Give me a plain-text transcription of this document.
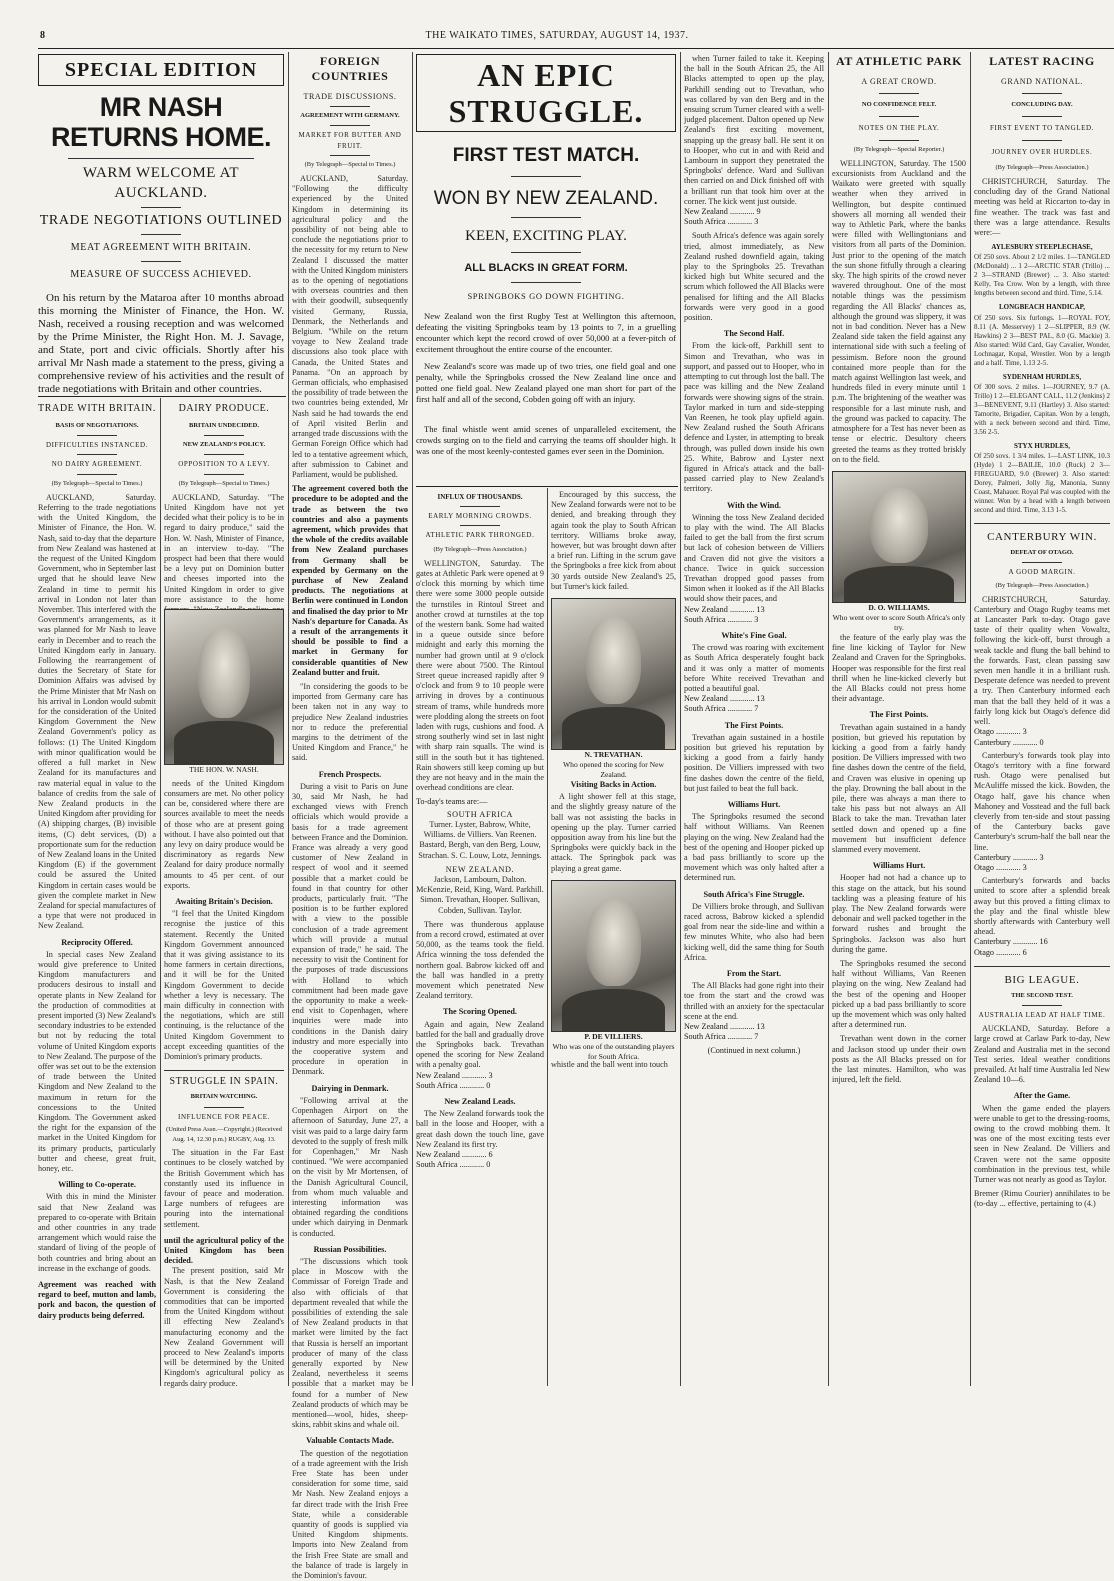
8	THE WAIKATO TIMES, SATURDAY, AUGUST 14, 1937.
SPECIAL EDITION
MR NASH RETURNS HOME.
WARM WELCOME AT AUCKLAND.
TRADE NEGOTIATIONS OUTLINED
MEAT AGREEMENT WITH BRITAIN.
MEASURE OF SUCCESS ACHIEVED.
On his return by the Mataroa after 10 months abroad this morning the Minister of Finance, the Hon. W. Nash, received a rousing reception and was welcomed by the Prime Minister, the Right Hon. M. J. Savage, and State, port and civic officials. Shortly after his arrival Mr Nash made a statement to the press, giving a comprehensive review of his activities and the result of trade negotiations with Britain and other countries.
TRADE WITH BRITAIN.
BASIS OF NEGOTIATIONS.
DIFFICULTIES INSTANCED.
NO DAIRY AGREEMENT.
(By Telegraph—Special to Times.)
AUCKLAND, Saturday. Referring to the trade negotiations with the United Kingdom, the Minister of Finance, the Hon. W. Nash, said to-day that the departure from New Zealand was hastened at the request of the United Kingdom Government, who in September last urged that he should leave New Zealand in time to permit his arrival in London not later than November. This interfered with the Government's arrangements, as it was planned for Mr Nash to leave early in December and to reach the United Kingdom early in January. Following the rearrangement of duties the Secretary of State for Dominion Affairs was advised by the Prime Minister that Mr Nash on his arrival in London would submit for the consideration of the United Kingdom Government the New Zealand Government's policy as follows: (1) The United Kingdom with minor qualification would be offered a full market in New Zealand for its manufactures and raw material equal in value to the balance of credits from the sale of New Zealand products in the United Kingdom after providing for (A) shipping charges, (B) invisible items, (C) debt services, (D) a proportionate sum for the reduction of New Zealand loans in the United Kingdom (E) if the government could be assured the United Kingdom in certain cases would be given the complete market in New Zealand for special manufactures of a type that were not produced in New Zealand.
Reciprocity Offered.
In special cases New Zealand would give preference to United Kingdom manufacturers and producers desirous to install and operate plants in New Zealand for the production of commodities at present imported (3) New Zealand's secondary industries to be extended but not by reducing the total volume of United Kingdom exports to New Zealand. The purpose of the offer was set out to be the extension of trade between the United Kingdom and New Zealand to the maximum in return for the concessions to the United Kingdom. The Government asked the right for the expansion of the market in the United Kingdom for its primary products, particularly butter and cheese, great fruit, honey, etc.
Willing to Co-operate.
With this in mind the Minister said that New Zealand was prepared to co-operate with Britain and other countries in any trade arrangement which would raise the standard of living of the people of both countries and bring about an increase in the exchange of goods.
Agreement was reached with regard to beef, mutton and lamb, pork and bacon, the question of dairy products being deferred.
DAIRY PRODUCE.
BRITAIN UNDECIDED.
NEW ZEALAND'S POLICY.
OPPOSITION TO A LEVY.
(By Telegraph—Special to Times.)
AUCKLAND, Saturday. "The United Kingdom have not yet decided what their policy is to be in regard to dairy produce," said the Hon. W. Nash, Minister of Finance, in an interview to-day. "The prospect had been that there would be a levy put on Dominion butter and cheeses imported into the United Kingdom in order to give more assistance to the home
THE HON. W. NASH.
needs of the United Kingdom consumers are met. No other policy can be, considered where there are sources available to meet the needs of those who are at present going without. I have also pointed out that any levy on dairy produce would be discriminatory as regards New Zealand for dairy produce normally amounts to 45 per cent. of our exports.
Awaiting Britain's Decision.
"I feel that the United Kingdom recognise the justice of this statement. Recently the United Kingdom Government announced that it was giving assistance to its home farmers in certain directions, and it will be for the United Kingdom Government to decide whether a levy is necessary. The main difficulty in connection with the negotiations, which are still continuing, is the reluctance of the United Kingdom Government to accept exceeding quantities of the Dominion's primary products.
STRUGGLE IN SPAIN.
BRITAIN WATCHING.
INFLUENCE FOR PEACE.
(United Press Assn.—Copyright.) (Received Aug. 14, 12.30 p.m.) RUGBY, Aug. 13.
The situation in the Far East continues to be closely watched by the British Government which has constantly used its influence in favour of peace and moderation. Large numbers of refugees are pouring into the international settlement.
until the agricultural policy of the United Kingdom has been decided.
The present position, said Mr Nash, is that the New Zealand Government is considering the commodities that can be imported from the United Kingdom without ill effecting New Zealand's manufacturing economy and the New Zealand Government will proceed to New Zealand's imports will be determined by the United Kingdom's agricultural policy as regards dairy produce.
FOREIGN COUNTRIES
TRADE DISCUSSIONS.
AGREEMENT WITH GERMANY.
MARKET FOR BUTTER AND FRUIT.
(By Telegraph—Special to Times.)
AUCKLAND, Saturday. "Following the difficulty experienced by the United Kingdom in determining its agricultural policy and the possibility of not being able to conclude the negotiations prior to the necessity for my return to New Zealand I discussed the matter with the United Kingdom ministers as to the opening of negotiations with overseas countries and then with their goodwill, subsequently visited Germany, Russia, Denmark, the Netherlands and Belgium. "While on the return voyage to New Zealand trade discussions also took place with Canada, the United States and Panama. "On an approach by German officials, who emphasised the possibility of trade between the two countries being extended, Mr Nash said he had towards the end of April visited Berlin and arranged trade discussions with the German Foreign Office which had led to a tentative agreement which, after submission to Cabinet and Parliament, would be published.
The agreement covered both the procedure to be adopted and the trade as between the two countries and also a payments agreement, which provides that the whole of the credits available from New Zealand purchases from Germany shall be expended by Germany on the purchase of New Zealand products. The negotiations at Berlin were continued in London and finalised the day prior to Mr Nash's departure for Canada. As a result of the arrangements it should be possible to find a market in Germany for considerable quantities of New Zealand butter and fruit.
"In considering the goods to be imported from Germany care has been taken not in any way to prejudice New Zealand industries nor to reduce the preferential margins to the detriment of the United Kingdom and France," he said.
French Prospects.
During a visit to Paris on June 30, said Mr Nash, he had exchanged views with French officials which would provide a basis for a trade agreement between France and the Dominion. France was already a very good customer of New Zealand in respect of wool and it seemed possible that a market could be found in that country for other products, particularly fruit. "The position is to be further explored with a view to the possible conclusion of a trade agreement which will provide a mutual expansion of trade," he said. The necessity to visit the Continent for the purposes of trade discussions with Holland to which commitment had been made gave the opportunity to make a week-end visit to Copenhagen, where inquiries were made into conditions in the Danish dairy industry and more especially into the cooperative system and procedure in operation in Denmark.
Dairying in Denmark.
"Following arrival at the Copenhagen Airport on the afternoon of Saturday, June 27, a visit was paid to a large dairy farm devoted to the supply of fresh milk for Copenhagen," Mr Nash continued. "We were accompanied on the visit by Mr Mortensen, of the Danish Agricultural Council, from whom much valuable and interesting information was obtained regarding the conditions under which dairying in Denmark is conducted.
Russian Possibilities.
"The discussions which took place in Moscow with the Commissar of Foreign Trade and also with officials of that department revealed that while the possibilities of extending the sale of New Zealand products in that market were limited by the fact that Russia is herself an important producer of many of the class generally exported by New Zealand, nevertheless it seems possible that a market may be found for a number of New Zealand products of which may be mentioned—wool, hides, sheep-skins, rabbit skins and whale oil.
Valuable Contacts Made.
The question of the negotiation of a trade agreement with the Irish Free State has been under consideration for some time, said Mr Nash. New Zealand enjoys a far direct trade with the Irish Free State, while a considerable quantity of goods is supplied via United Kingdom shipments. Imports into New Zealand from the Irish Free State are small and the balance of trade is largely in the Dominion's favour.
AN EPIC STRUGGLE.
FIRST TEST MATCH.
WON BY NEW ZEALAND.
KEEN, EXCITING PLAY.
ALL BLACKS IN GREAT FORM.
SPRINGBOKS GO DOWN FIGHTING.
New Zealand won the first Rugby Test at Wellington this afternoon, defeating the visiting Springboks team by 13 points to 7, in a gruelling encounter which kept the record crowd of over 50,000 at a fever-pitch of excitement throughout the entire course of the encounter.
New Zealand's score was made up of two tries, one field goal and one penalty, while the Springboks crossed the New Zealand line once and potted one field goal. New Zealand played one man short for part of the first half and all of the second, Cobden going off with an injury.
The final whistle went amid scenes of unparalleled excitement, the crowds surging on to the field and carrying the teams off shoulder high. It was one of the most keenly-contested games ever seen in the Dominion.
INFLUX OF THOUSANDS.
EARLY MORNING CROWDS.
ATHLETIC PARK THRONGED.
(By Telegraph—Press Association.)
WELLINGTON, Saturday. The gates at Athletic Park were opened at 9 o'clock this morning by which time there were some 3000 people outside the turnstiles in Rintoul Street and another crowd at turnstiles at the top of the western bank. Some had waited in a queue outside since before midnight and early this morning the number had grown until at 9 o'clock there were about 7500. The Rintoul Street queue increased rapidly after 9 o'clock and from 9 to 10 people were arriving in droves by a continuous stream of trams, while hundreds more were plodding along the streets on foot laden with rugs, cushions and food. A strong southerly wind set in last night with sharp rain squalls. The wind is still in the south but it has tightened. Rain showers still keep coming up but they are not heavy and in the main the overhead conditions are clear.
To-day's teams are:—
SOUTH AFRICA
Turner. Lyster, Babrow, White, Williams. de Villiers. Van Reenen. Bastard, Bergh, van den Berg, Louw, Strachan. S. C. Louw, Lotz, Jennings.
NEW ZEALAND.
Jackson, Lambourn, Dalton. McKenzie, Reid, King, Ward. Parkhill. Simon. Trevathan, Hooper. Sullivan, Cobden, Sullivan. Taylor.
There was thunderous applause from a record crowd, estimated at over 50,000, as the teams took the field. Africa winning the toss defended the northern goal. Babrow kicked off and the ball was handled in a pretty movement which penetrated New Zealand territory.
The Scoring Opened.
Again and again, New Zealand battled for the ball and gradually drove the Springboks back. Trevathan opened the scoring for New Zealand with a penalty goal.
New Zealand ............ 3
South Africa ............ 0
New Zealand Leads.
The New Zealand forwards took the ball in the loose and Hooper, with a great dash down the touch line, gave New Zealand its first try.
New Zealand ............ 6
South Africa ............ 0
Encouraged by this success, the New Zealand forwards were not to be denied, and breaking through they again took the play to South African territory. Williams broke away, however, but was brought down after a brief run. Lifting in the scrum gave the Springboks a free kick from about 30 yards outside New Zealand's 25, but Turner's kick failed.
N. TREVATHAN.
Who opened the scoring for New Zealand.
Visiting Backs in Action.
A light shower fell at this stage, and the slightly greasy nature of the ball was not assisting the backs in opening up the play. Turner carried opposition away from his line but the Springboks were quickly back in the attack. The Springbok pack was playing a great game.
P. DE VILLIERS.
Who was one of the outstanding players for South Africa.
whistle and the ball went into touch
when Turner failed to take it. Keeping the ball in the South African 25, the All Blacks attempted to open up the play, Parkhill sending out to Trevathan, who was collared by van den Berg and in the ensuing scrum Turner cleared with a well-judged placement. Dalton opened up New Zealand's first exciting movement, snapping up the greasy ball. He sent it on to Hooper, who cut in and with Reid and Lambourn in support they penetrated the Springboks' defence. Ward and Sullivan then carried on and Dick finished off with a brilliant run that took him over at the corner. The kick went just outside.
New Zealand ............ 9
South Africa ............ 3
South Africa's defence was again sorely tried, almost immediately, as New Zealand rushed downfield again, taking play to the Springboks 25. Trevathan kicked high but White secured and the scrum which followed the All Blacks were penalised for lifting and the All Blacks forwards were very good in a good position.
The Second Half.
From the kick-off, Parkhill sent to Simon and Trevathan, who was in support, and passed out to Hooper, who in attempting to cut through lost the ball. The pace was killing and the New Zealand forwards were showing signs of the strain. Taylor marked in turn and side-stepping Van Reenen, he took play upfield again. New Zealand rushed the South Africans defence and Lyster, in attempting to break through, was pulled down inside his own 25. White, Babrow and Lyster next figured in Africa's attack and the ball-passed carried play to New Zealand's territory.
With the Wind.
Winning the toss New Zealand decided to play with the wind. The All Blacks failed to get the ball from the first scrum but lack of cohesion between de Villiers and Craven did not give the visitors a chance. Twice in quick succession Trevathan dropped good passes from Simon when it looked as if the All Blacks would show their paces, and
New Zealand ............ 13
South Africa ............ 3
White's Fine Goal.
The crowd was roaring with excitement as South Africa desperately fought back and it was only a matter of moments before White received Trevathan and potted a beautiful goal.
New Zealand ............ 13
South Africa ............ 7
The First Points.
Trevathan again sustained in a hostile position but grieved his reputation by kicking a good from a fairly handy position. De Villiers impressed with two fine dashes down the centre of the field, but just failed to beat the full back.
Williams Hurt.
The Springboks resumed the second half without Williams. Van Reenen playing on the wing. New Zealand had the best of the opening and Hooper picked up a bad pass brilliantly to score up the movement which was only halted after a determined run.
South Africa's Fine Struggle.
De Villiers broke through, and Sullivan raced across, Babrow kicked a splendid goal from near the side-line and within a few minutes White, who also had been kicking well, did the same thing for South Africa.
From the Start.
The All Blacks had gone right into their toe from the start and the crowd was thrilled with an anxiety for the spectacular scene at the end.
New Zealand ............ 13
South Africa ............ 7
(Continued in next column.)
AT ATHLETIC PARK
A GREAT CROWD.
NO CONFIDENCE FELT.
NOTES ON THE PLAY.
(By Telegraph—Special Reporter.)
WELLINGTON, Saturday. The 1500 excursionists from Auckland and the Waikato were greeted with squally weather when they arrived in Wellington, but despite continued showers all morning all wended their way to Athletic Park, where the banks were filled with Wellingtonians and visitors from all parts of the Dominion. Just prior to the opening of the match the sun shone fitfully through a clearing sky. The high spirits of the crowd never wavered throughout. One of the most notable things was the pessimism regarding the All Blacks' chances as, although the ground was slippery, it was not in bad condition. Never has a New Zealand side taken the field against any international side with such a feeling of pessimism. Before noon the ground contained more people than for the match against Wellington last week, and hundreds filed in every minute until 1 p.m. The brightening of the weather was responsible for a last minute rush, and the ground was packed to capacity. The atmosphere for a Test has never been as tense or electric. Desultory cheers greeted the teams as they trotted briskly on to the field.
D. O. WILLIAMS.
Who went over to score South Africa's only try.
the feature of the early play was the fine line kicking of Taylor for New Zealand and Craven for the Springboks. Hooper was responsible for the first real thrill when he line-kicked cleverly but the All Blacks could not press home their advantage.
The First Points.
Trevathan again sustained in a handy position, but grieved his reputation by kicking a good from a fairly handy position. De Villiers impressed with two fine dashes down the centre of the field, and Craven was elusive in opening up the play. Drowning the ball about in the pile, there was always a man there to take his pass but not always an All Black to take the man. Trevathan later settled down and opened up a fine movement but insufficient defence slammed every movement.
Williams Hurt.
Hooper had not had a chance up to this stage on the attack, but his sound tackling was a pleasing feature of his play. The New Zealand forwards were debonair and well packed together in the forward rushes and brought the Springboks. Jackson was also hurt during the game.
The Springboks resumed the second half without Williams, Van Reenen playing on the wing. New Zealand had the best of the opening and Hooper picked up a bad pass brilliantly to score up the movement which was only halted after a determined run.
Trevathan went down in the corner and Jackson stood up under their own posts as the All Blacks pressed on for the last minutes. Hamilton, who was injured, left the field.
LATEST RACING
GRAND NATIONAL.
CONCLUDING DAY.
FIRST EVENT TO TANGLED.
JOURNEY OVER HURDLES.
(By Telegraph—Press Association.)
CHRISTCHURCH, Saturday. The concluding day of the Grand National meeting was held at Riccarton to-day in fine weather. The track was fast and there was a large attendance. Results were:—
AYLESBURY STEEPLECHASE,
Of 250 sovs. About 2 1/2 miles. 1—TANGLED (McDonald) ... 1 2—ARCTIC STAR (Trillo) ... 2 3—STRAND (Brewer) ... 3. Also started: Kelly, Tea Crow. Won by a length, with three lengths between second and third. Time, 5.14.
LONGBEACH HANDICAP,
Of 250 sovs. Six furlongs. 1—ROYAL FOY, 8.11 (A. Messervey) 1 2—SLIPPER, 8.9 (W. Hawkins) 2 3—BEST PAL, 8.0 (G. Mackie) 3. Also started: Wild Card, Gay Cavalier, Wonder, Lochnagar, Kopal, Wrestler. Won by a length and a half. Time, 1.13 2-5.
SYDENHAM HURDLES,
Of 300 sovs. 2 miles. 1—JOURNEY, 9.7 (A. Trillo) 1 2—ELEGANT CALL, 11.2 (Jenkins) 2 3—BENEVENT, 9.11 (Hartley) 3. Also started: Tamorite, Brigadier, Capitan. Won by a length, with a neck between second and third. Time, 3.56 2-5.
STYX HURDLES,
Of 250 sovs. 1 3/4 miles. 1—LAST LINK, 10.3 (Hyde) 1 2—BAILIE, 10.0 (Ruck) 2 3—FIREGUARD, 9.0 (Brewer) 3. Also started: Dorey, Palmeri, Jolly Jig, Manonia, Sunny Coast, Mahauer. Royal Pal was coupled with the winner. Won by a head with a length between second and third. Time, 3.13 1-5.
CANTERBURY WIN.
DEFEAT OF OTAGO.
A GOOD MARGIN.
(By Telegraph—Press Association.)
CHRISTCHURCH, Saturday. Canterbury and Otago Rugby teams met at Lancaster Park to-day. Otago gave taste of their quality when Vowaltz, following the kick-off, burst through a weak tackle and flung the ball behind to the forwards. Fast, clean passing saw seven men handle it in a brilliant rush. Desperate defence was needed to prevent a try. Then Canterbury informed each man that the ball they held of it was a fairly long kick but Otago's defence did well.
Otago ............ 3
Canterbury ............ 0
Canterbury's forwards took play into Otago's territory with a fine forward rush. Otago were penalised but McAuliffe missed the kick. Bowden, the Otago half, gave his chance when Mahoney and Vosstead and the full back cleverly from ten-side and stout passing of the Canterbury backs gave Canterbury's scrum-half the ball near the line.
Canterbury ............ 3
Otago ............ 3
Canterbury's forwards and backs united to score after a splendid break away but this proved a fitting climax to the play and the final whistle blew shortly afterwards with Canterbury well ahead.
Canterbury ............ 16
Otago ............ 6
BIG LEAGUE.
THE SECOND TEST.
AUSTRALIA LEAD AT HALF TIME.
AUCKLAND, Saturday. Before a large crowd at Carlaw Park to-day, New Zealand and Australia met in the second Test series. Ideal weather conditions prevailed. At half time Australia led New Zealand 10—6.
After the Game.
When the game ended the players were unable to get to the dressing-rooms, owing to the crowd mobbing them. It was one of the most exciting tests ever seen in New Zealand. De Villiers and Craven were not the same opposite combination in the previous test, while Turner was not nearly as good as Taylor.
Bremer (Rimu Courier) annihilates to be (to-day ... effective, pertaining to (4.)
